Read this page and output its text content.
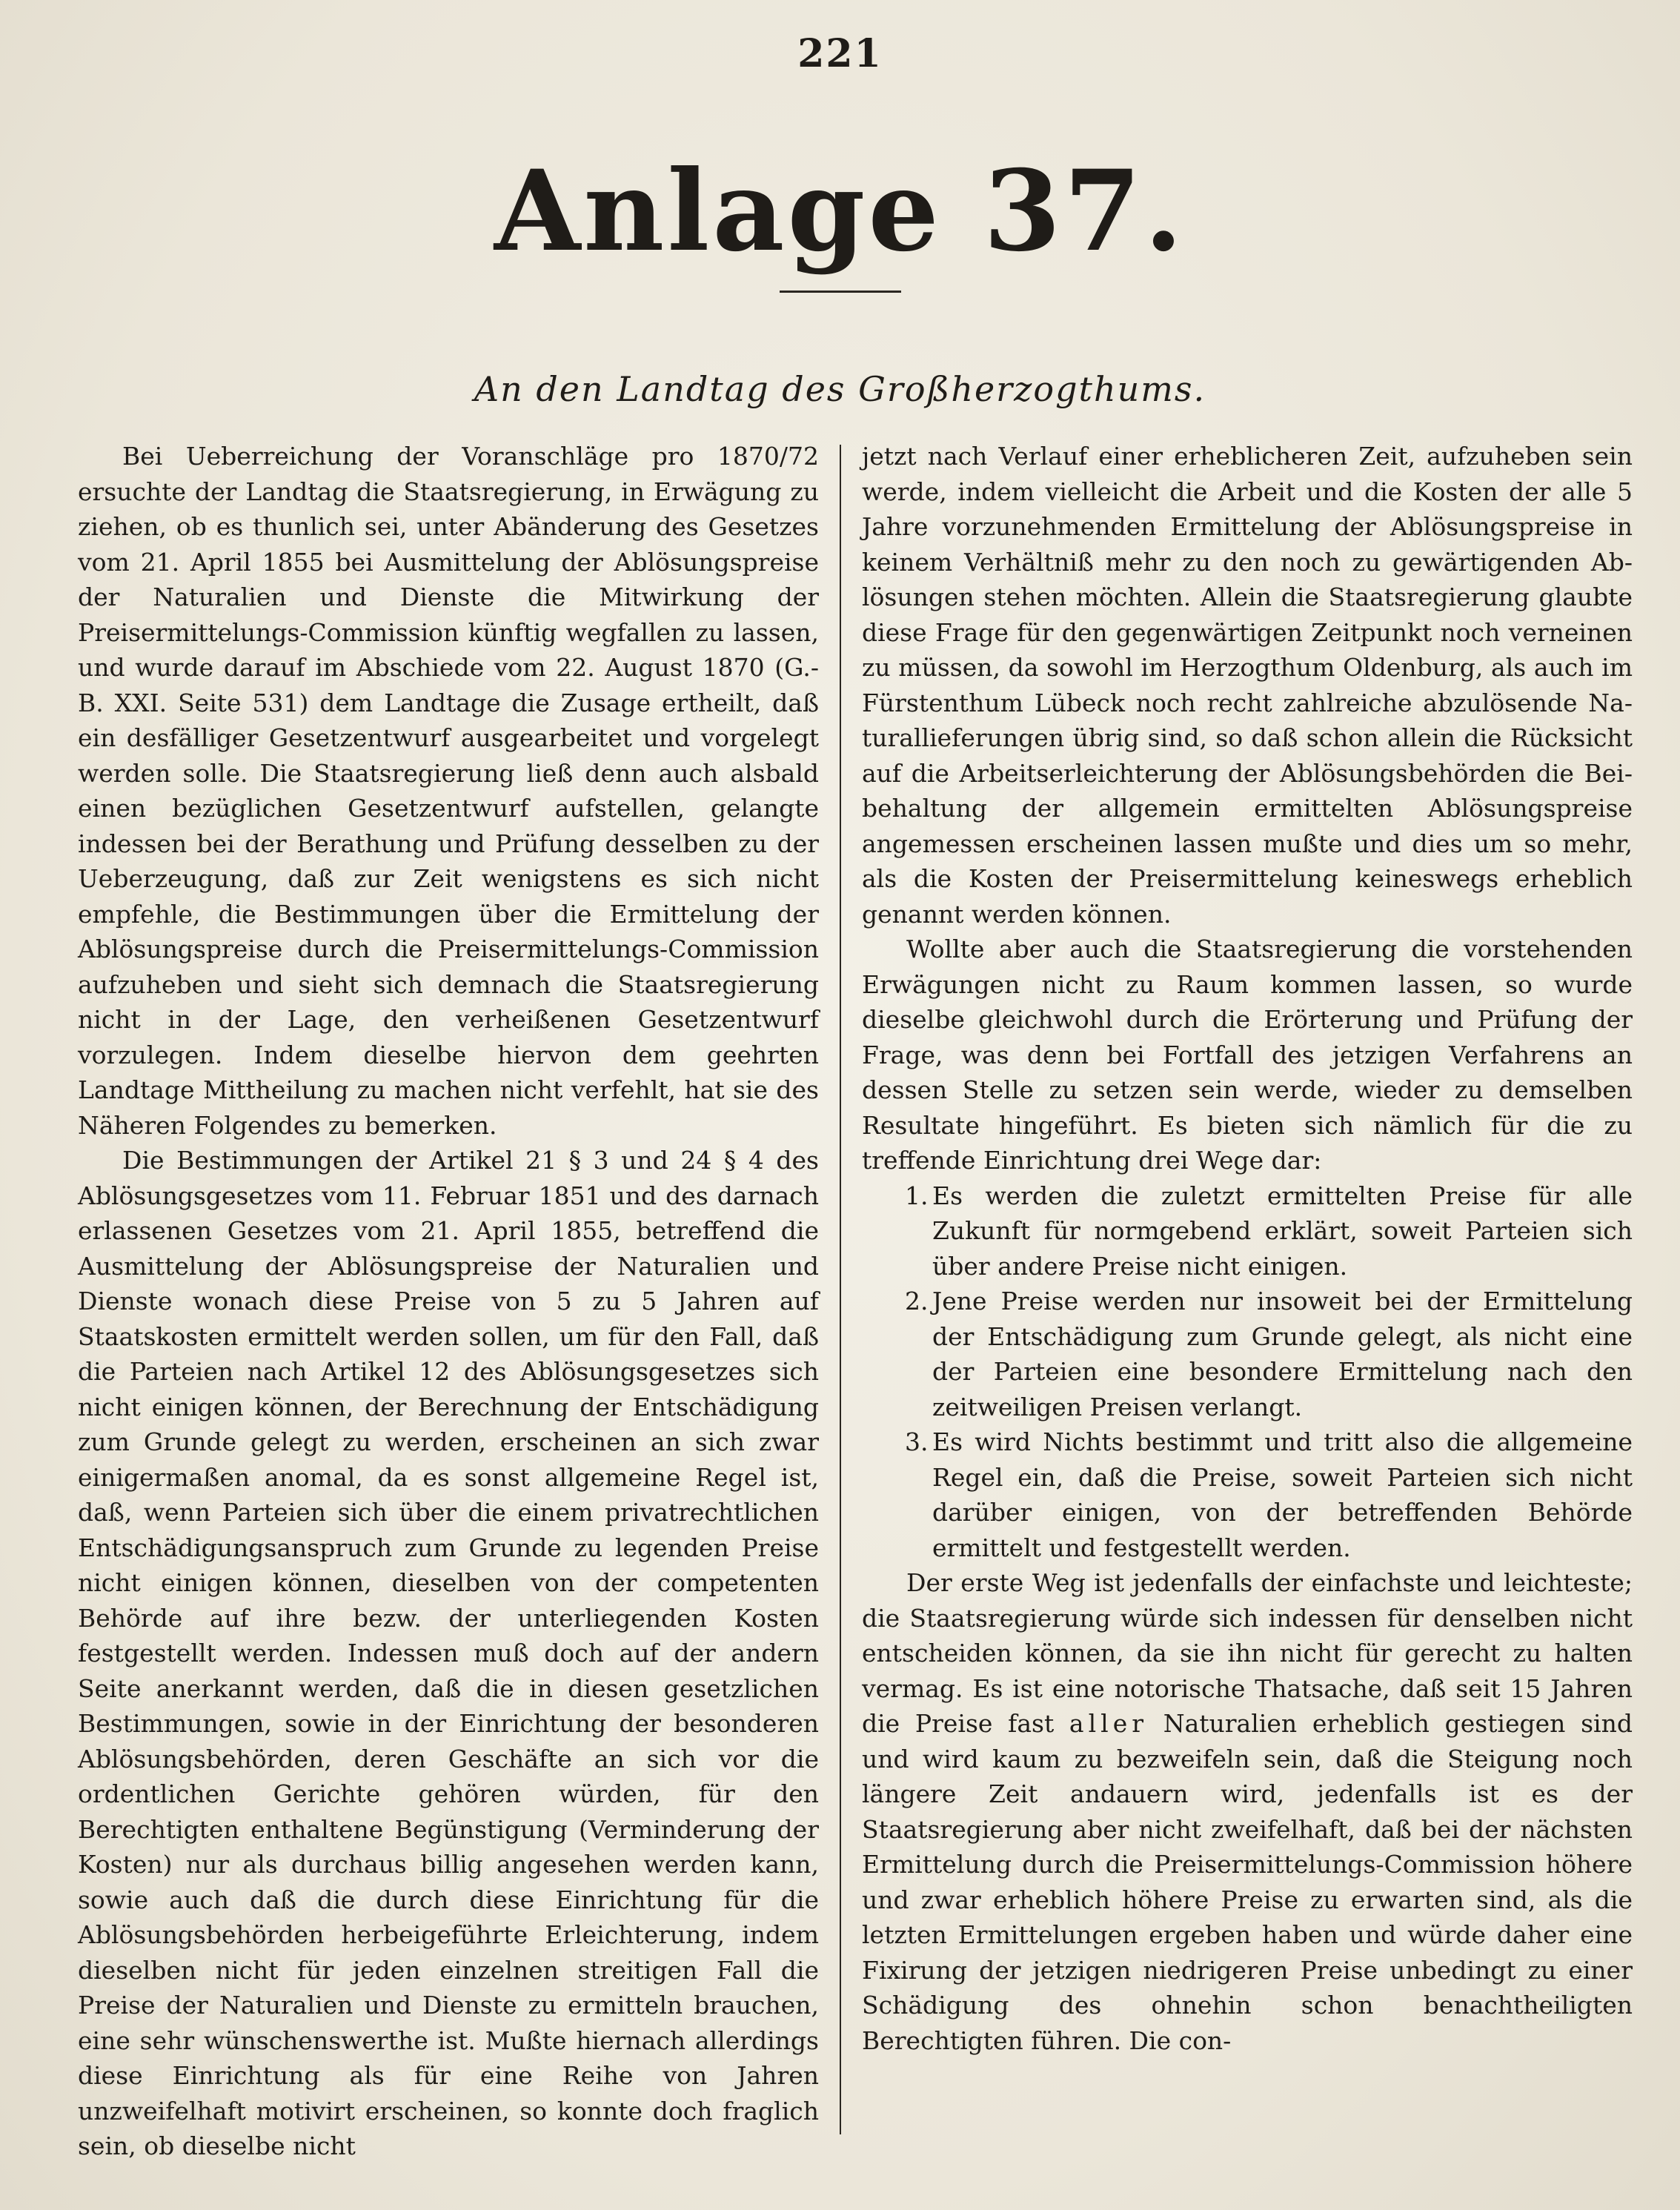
221
Anlage 37.
An den Landtag des Großherzogthums.

Bei Ueberreichung der Voranschläge pro 1870/72 ersuchte der Landtag die Staatsregierung, in Erwägung zu ziehen, ob es thunlich sei, unter Abänderung des Gesetzes vom 21. April 1855 bei Ausmittelung der Ablösungspreise der Naturalien und Dienste die Mitwirkung der Preisermittelungs-Commission künftig wegfallen zu lassen, und wurde darauf im Abschiede vom 22. August 1870 (G.-B. XXI. Seite 531) dem Landtage die Zusage ertheilt, daß ein desfälliger Gesetzentwurf ausgearbeitet und vorgelegt werden solle. Die Staatsregierung ließ denn auch alsbald einen bezüglichen Gesetzentwurf aufstellen, gelangte indessen bei der Berathung und Prüfung desselben zu der Ueberzeugung, daß zur Zeit wenigstens es sich nicht empfehle, die Bestimmungen über die Ermittelung der Ablösungspreise durch die Preisermittelungs-Commission aufzuheben und sieht sich demnach die Staatsregierung nicht in der Lage, den verheißenen Gesetzentwurf vorzulegen. Indem dieselbe hiervon dem geehrten Landtage Mittheilung zu machen nicht verfehlt, hat sie des Näheren Folgendes zu bemerken.

Die Bestimmungen der Artikel 21 § 3 und 24 § 4 des Ablösungsgesetzes vom 11. Februar 1851 und des darnach erlassenen Gesetzes vom 21. April 1855, betreffend die Ausmittelung der Ablösungspreise der Naturalien und Dienste wonach diese Preise von 5 zu 5 Jahren auf Staatskosten ermittelt werden sollen, um für den Fall, daß die Parteien nach Artikel 12 des Ablösungsgesetzes sich nicht einigen können, der Berechnung der Entschädigung zum Grunde gelegt zu werden, erscheinen an sich zwar einigermaßen anomal, da es sonst allgemeine Regel ist, daß, wenn Parteien sich über die einem privatrechtlichen Entschädigungsanspruch zum Grunde zu legenden Preise nicht einigen können, dieselben von der competenten Behörde auf ihre bezw. der unterliegenden Kosten festgestellt werden. Indessen muß doch auf der andern Seite anerkannt werden, daß die in diesen gesetzlichen Bestimmungen, sowie in der Einrichtung der besonderen Ablösungsbehörden, deren Geschäfte an sich vor die ordentlichen Gerichte gehören würden, für den Berechtigten enthaltene Begünstigung (Verminderung der Kosten) nur als durchaus billig angesehen werden kann, sowie auch daß die durch diese Einrichtung für die Ablösungsbehörden herbeigeführte Erleichterung, indem dieselben nicht für jeden einzelnen streitigen Fall die Preise der Naturalien und Dienste zu ermitteln brauchen, eine sehr wünschenswerthe ist. Mußte hiernach allerdings diese Einrichtung als für eine Reihe von Jahren unzweifelhaft motivirt erscheinen, so konnte doch fraglich sein, ob dieselbe nicht

jetzt nach Verlauf einer erheblicheren Zeit, aufzuheben sein werde, indem vielleicht die Arbeit und die Kosten der alle 5 Jahre vorzunehmenden Ermittelung der Ablösungspreise in keinem Verhältniß mehr zu den noch zu gewärtigenden Ablösungen stehen möchten. Allein die Staatsregierung glaubte diese Frage für den gegenwärtigen Zeitpunkt noch verneinen zu müssen, da sowohl im Herzogthum Oldenburg, als auch im Fürstenthum Lübeck noch recht zahlreiche abzulösende Naturallieferungen übrig sind, so daß schon allein die Rücksicht auf die Arbeitserleichterung der Ablösungsbehörden die Beibehaltung der allgemein ermittelten Ablösungspreise angemessen erscheinen lassen mußte und dies um so mehr, als die Kosten der Preisermittelung keineswegs erheblich genannt werden können.

Wollte aber auch die Staatsregierung die vorstehenden Erwägungen nicht zu Raum kommen lassen, so wurde dieselbe gleichwohl durch die Erörterung und Prüfung der Frage, was denn bei Fortfall des jetzigen Verfahrens an dessen Stelle zu setzen sein werde, wieder zu demselben Resultate hingeführt. Es bieten sich nämlich für die zu treffende Einrichtung drei Wege dar:

1. Es werden die zuletzt ermittelten Preise für alle Zukunft für normgebend erklärt, soweit Parteien sich über andere Preise nicht einigen.
2. Jene Preise werden nur insoweit bei der Ermittelung der Entschädigung zum Grunde gelegt, als nicht eine der Parteien eine besondere Ermittelung nach den zeitweiligen Preisen verlangt.
3. Es wird Nichts bestimmt und tritt also die allgemeine Regel ein, daß die Preise, soweit Parteien sich nicht darüber einigen, von der betreffenden Behörde ermittelt und festgestellt werden.

Der erste Weg ist jedenfalls der einfachste und leichteste; die Staatsregierung würde sich indessen für denselben nicht entscheiden können, da sie ihn nicht für gerecht zu halten vermag. Es ist eine notorische Thatsache, daß seit 15 Jahren die Preise fast aller Naturalien erheblich gestiegen sind und wird kaum zu bezweifeln sein, daß die Steigung noch längere Zeit andauern wird, jedenfalls ist es der Staatsregierung aber nicht zweifelhaft, daß bei der nächsten Ermittelung durch die Preisermittelungs-Commission höhere und zwar erheblich höhere Preise zu erwarten sind, als die letzten Ermittelungen ergeben haben und würde daher eine Fixirung der jetzigen niedrigeren Preise unbedingt zu einer Schädigung des ohnehin schon benachtheiligten Berechtigten führen. Die con-
